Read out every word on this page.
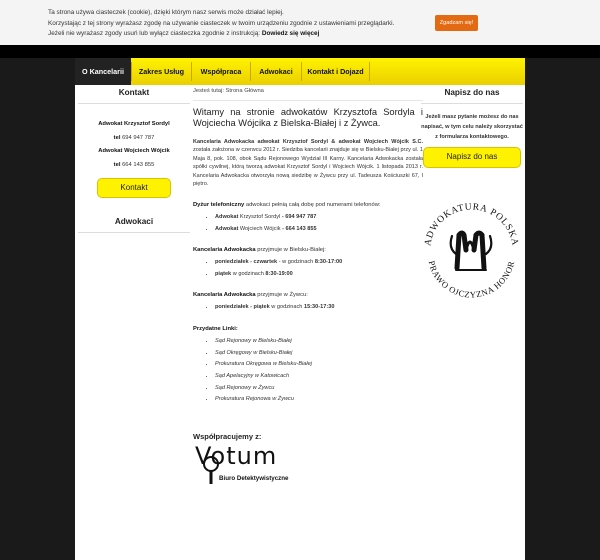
Ta strona używa ciasteczek (cookie), dzięki którym nasz serwis może działać lepiej.
Korzystając z tej strony wyrażasz zgodę na używanie ciasteczek w twoim urządzeniu zgodnie z ustawieniami przeglądarki.
Jeżeli nie wyrażasz zgody usuń lub wyłącz ciasteczka zgodnie z instrukcją: Dowiedz się więcej

Zgadzam się!
O Kancelarii	Zakres Usług	Współpraca	Adwokaci	Kontakt i Dojazd
Kontakt
Adwokat Krzysztof Sordyl
tel 694 947 787
Adwokat Wojciech Wójcik
tel 664 143 855
Kontakt
Adwokaci
Jesteś tutaj: Strona Główna
Witamy na stronie adwokatów Krzysztofa Sordyla i Wojciecha Wójcika z Bielska-Białej i z Żywca.
Kancelaria Adwokacka adwokat Krzysztof Sordyl & adwokat Wojciech Wójcik S.C. została założona w czerwcu 2012 r. Siedziba kancelarii znajduje się w Bielsku-Białej przy ul. 1 Maja 8, pok. 108, obok Sądu Rejonowego Wydział III Karny. Kancelaria Adwokacka została spółki cywilnej, którą tworzą adwokat Krzysztof Sordyl i Wojciech Wójcik. 1 listopada 2013 r. Kancelaria Adwokacka otworzyła nową siedzibę w Żywcu przy ul. Tadeusza Kościuszki 67, I piętro.
Dyżur telefoniczny adwokaci pełnią całą dobę pod numerami telefonów:
• Adwokat Krzysztof Sordyl - 694 947 787
• Adwokat Wojciech Wójcik - 664 143 855
Kancelaria Adwokacka przyjmuje w Bielsku-Białej:
• poniedziałek - czwartek - w godzinach 8:30-17:00
• piątek w godzinach 8:30-19:00
Kancelaria Adwokacka przyjmuje w Żywcu:
• poniedziałek - piątek w godzinach 15:30-17:30
Przydatne Linki:
• Sąd Rejonowy w Bielsku-Białej
• Sąd Okręgowy w Bielsku-Białej
• Prokuratura Okręgowa w Bielsku-Białej
• Sąd Apelacyjny w Katowicach
• Sąd Rejonowy w Żywcu
• Prokuratura Rejonowa w Żywcu
Współpracujemy z:
Votum
Biuro Detektywistyczne
Napisz do nas
Jeżeli masz pytanie możesz do nas napisać, w tym celu należy skorzystać z formularza kontaktowego.
Napisz do nas
ADWOKATURA POLSKA
PRAWO OJCZYZNA HONOR
